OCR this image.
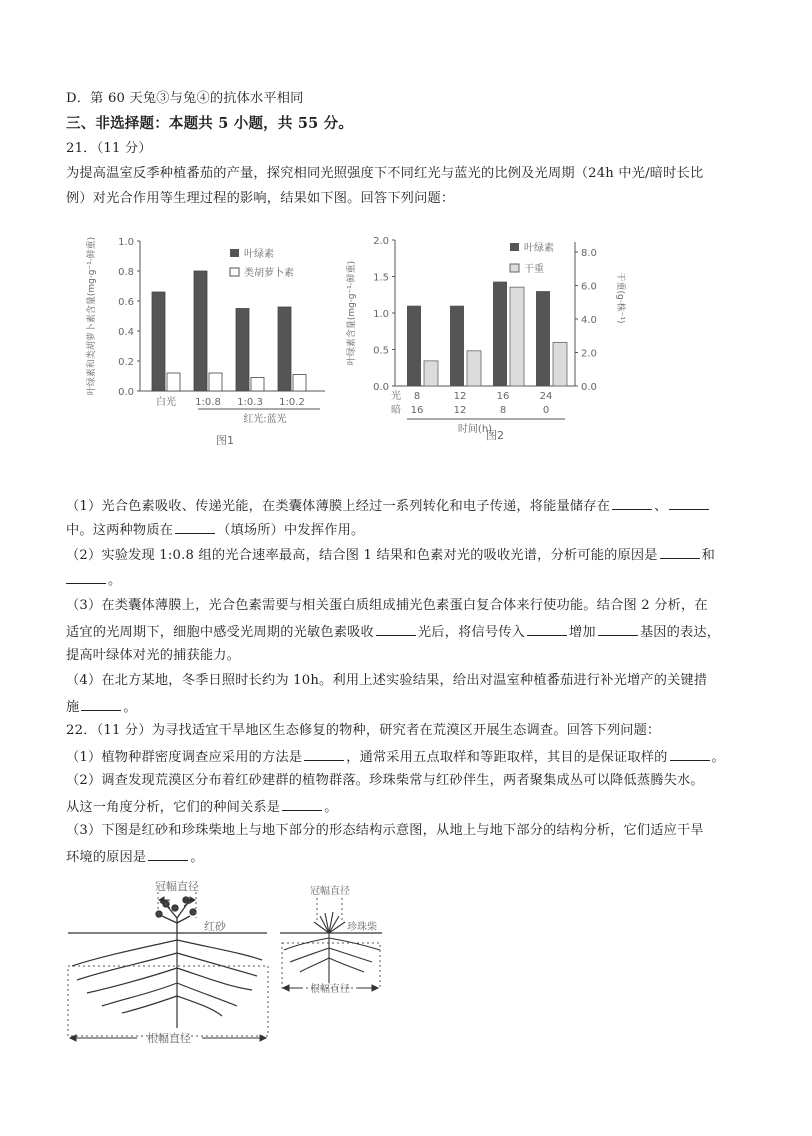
D．第 60 天兔③与兔④的抗体水平相同
三、非选择题：本题共 5 小题，共 55 分。
21．（11 分）
为提高温室反季种植番茄的产量，探究相同光照强度下不同红光与蓝光的比例及光周期（24h 中光/暗时长比
例）对光合作用等生理过程的影响，结果如下图。回答下列问题：
0.0
0.2
0.4
0.6
0.8
1.0
白光 1:0.8 1:0.3 1:0.2
红光:蓝光
叶绿素和类胡萝卜素含量(mg·g⁻¹·鲜重)	叶绿素
类胡萝卜素
图1
0.0
0.5
1.0
1.5
2.0
0.0
2.0
4.0
6.0
8.0
8
16
12
12
16
8
24
0
光
暗
时间(h)
叶绿素含量(mg·g⁻¹·鲜重)	干重(g·株⁻¹)
叶绿素
干重
图2
（1）光合色素吸收、传递光能，在类囊体薄膜上经过一系列转化和电子传递，将能量储存在	、
中。这两种物质在	（填场所）中发挥作用。
（2）实验发现 1:0.8 组的光合速率最高，结合图 1 结果和色素对光的吸收光谱，分析可能的原因是	和
。
（3）在类囊体薄膜上，光合色素需要与相关蛋白质组成捕光色素蛋白复合体来行使功能。结合图 2 分析，在
适宜的光周期下，细胞中感受光周期的光敏色素吸收	光后，将信号传入	增加	基因的表达，
提高叶绿体对光的捕获能力。
（4）在北方某地，冬季日照时长约为 10h。利用上述实验结果，给出对温室种植番茄进行补光增产的关键措
施	。
22．（11 分）为寻找适宜干旱地区生态修复的物种，研究者在荒漠区开展生态调查。回答下列问题：
（1）植物种群密度调查应采用的方法是	，通常采用五点取样和等距取样，其目的是保证取样的	。
（2）调查发现荒漠区分布着红砂建群的植物群落。珍珠柴常与红砂伴生，两者聚集成丛可以降低蒸腾失水。
从这一角度分析，它们的种间关系是	。
（3）下图是红砂和珍珠柴地上与地下部分的形态结构示意图，从地上与地下部分的结构分析，它们适应干旱
环境的原因是	。
冠幅直径
红砂
根幅直径
冠幅直径
珍珠柴
根幅直径
